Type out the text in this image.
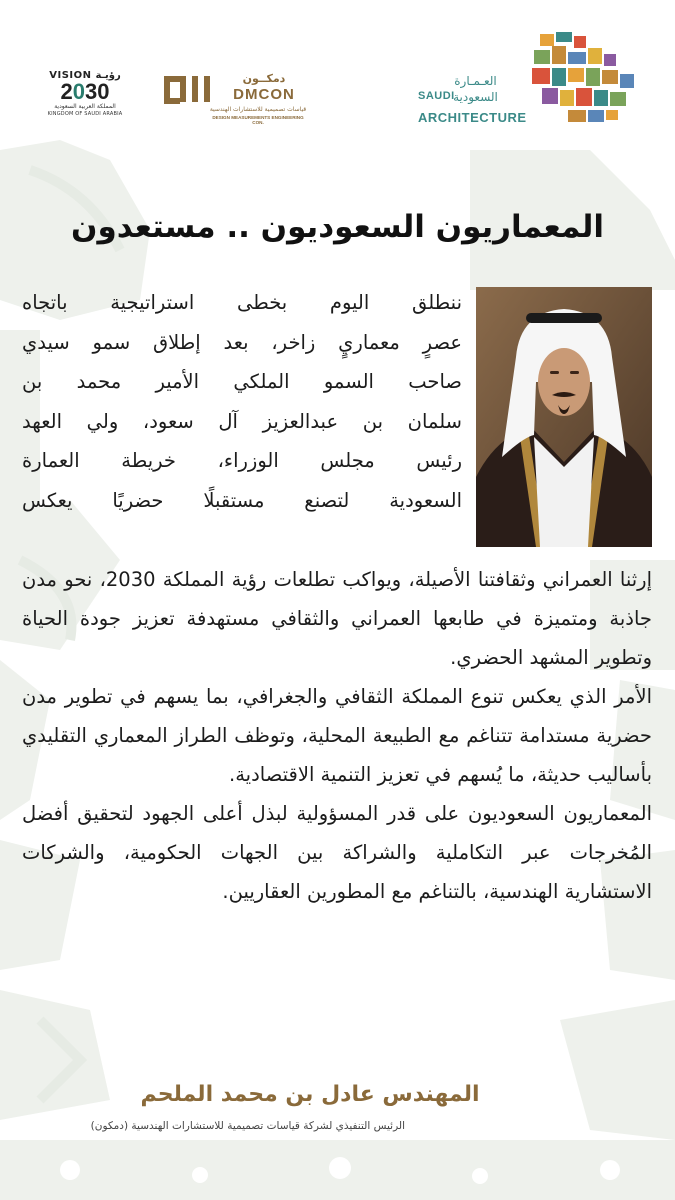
VISION رؤيـة
2030
المملكة العربية السعودية
KINGDOM OF SAUDI ARABIA
دمكــون
DMCON
قياسات تصميمية للاستشارات الهندسية
DESIGN MEASUREMENTS ENGINEERING CON.
العـمـارة
السعودية
SAUDI
ARCHITECTURE
المعماريون السعوديون .. مستعدون

ننطلق اليوم بخطى استراتيجية باتجاه

عصرٍ معماريٍ زاخر، بعد إطلاق سمو سيدي

صاحب السمو الملكي الأمير محمد بن

سلمان بن عبدالعزيز آل سعود، ولي العهد

رئيس مجلس الوزراء، خريطة العمارة

السعودية لتصنع مستقبلًا حضريًا يعكس

إرثنا العمراني وثقافتنا الأصيلة، ويواكب تطلعات رؤية المملكة 2030، نحو مدن جاذبة ومتميزة في طابعها العمراني والثقافي مستهدفة تعزيز جودة الحياة وتطوير المشهد الحضري.

الأمر الذي يعكس تنوع المملكة الثقافي والجغرافي، بما يسهم في تطوير مدن حضرية مستدامة تتناغم مع الطبيعة المحلية، وتوظف الطراز المعماري التقليدي بأساليب حديثة، ما يُسهم في تعزيز التنمية الاقتصادية.

المعماريون السعوديون على قدر المسؤولية لبذل أعلى الجهود لتحقيق أفضل المُخرجات عبر التكاملية والشراكة بين الجهات الحكومية، والشركات الاستشارية الهندسية، بالتناغم مع المطورين العقاريين.

المهندس عادل بن محمد الملحم
الرئيس التنفيذي لشركة قياسات تصميمية للاستشارات الهندسية (دمكون)
